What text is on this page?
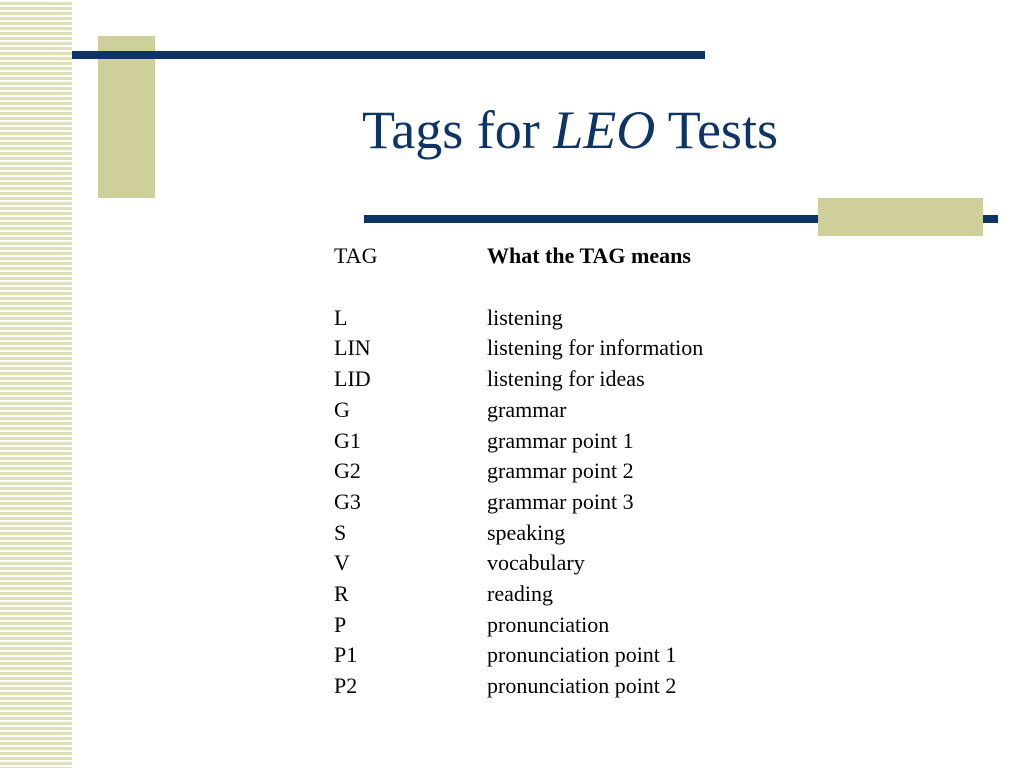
Tags for LEO Tests
TAG	What the TAG means
L	listening
LIN	listening for information
LID	listening for ideas
G	grammar
G1	grammar point 1
G2	grammar point 2
G3	grammar point 3
S	speaking
V	vocabulary
R	reading
P	pronunciation
P1	pronunciation point 1
P2	pronunciation point 2
